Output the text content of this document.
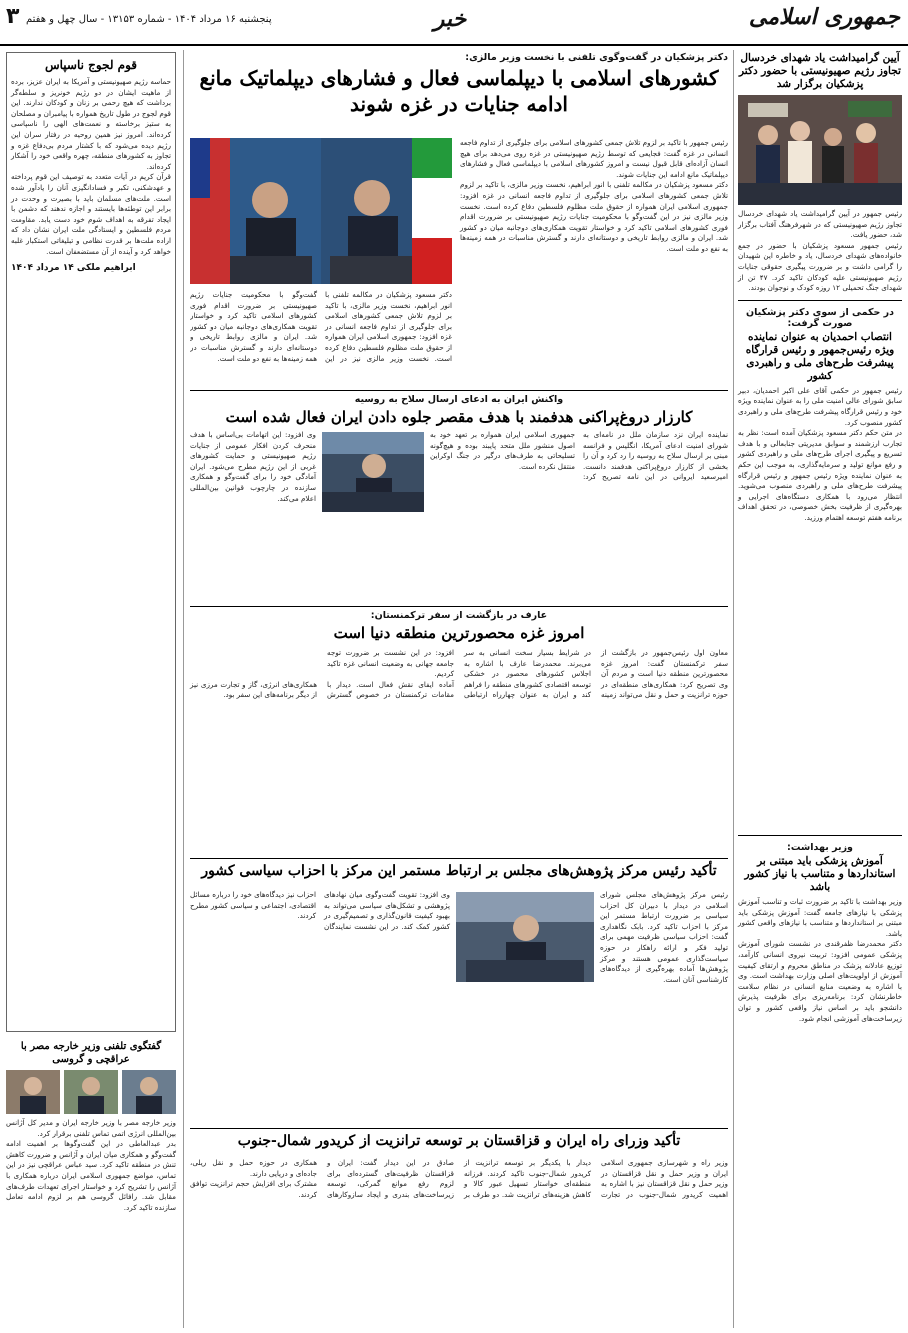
جمهوری اسلامی
خبر
پنجشنبه ۱۶ مرداد ۱۴۰۴ - شماره ۱۳۱۵۳ - سال چهل و هفتم
۳
آیین گرامیداشت یاد شهدای خردسال تجاوز رژیم صهیونیستی با حضور دکتر پزشکیان برگزار شد

رئیس جمهور در آیین گرامیداشت یاد شهدای خردسال تجاوز رژیم صهیونیستی که در شهرفرهنگ آفتاب برگزار شد، حضور یافت.

رئیس جمهور مسعود پزشکیان با حضور در جمع خانواده‌های شهدای خردسال، یاد و خاطره این شهیدان را گرامی داشت و بر ضرورت پیگیری حقوقی جنایات رژیم صهیونیستی علیه کودکان تاکید کرد. ۴۷ تن از شهدای جنگ تحمیلی ۱۲ روزه کودک و نوجوان بودند.

در حکمی از سوی دکتر پزشکیان صورت گرفت:
انتصاب احمدیان به عنوان نماینده ویژه رئیس‌جمهور و رئیس قرارگاه پیشرفت طرح‌های ملی و راهبردی کشور

رئیس جمهور در حکمی آقای علی اکبر احمدیان، دبیر سابق شورای عالی امنیت ملی را به عنوان نماینده ویژه خود و رئیس قرارگاه پیشرفت طرح‌های ملی و راهبردی کشور منصوب کرد.

در متن حکم دکتر مسعود پزشکیان آمده است: نظر به تجارب ارزشمند و سوابق مدیریتی جنابعالی و با هدف تسریع و پیگیری اجرای طرح‌های ملی و راهبردی کشور و رفع موانع تولید و سرمایه‌گذاری، به موجب این حکم به عنوان نماینده ویژه رئیس جمهور و رئیس قرارگاه پیشرفت طرح‌های ملی و راهبردی منصوب می‌شوید. انتظار می‌رود با همکاری دستگاه‌های اجرایی و بهره‌گیری از ظرفیت بخش خصوصی، در تحقق اهداف برنامه هفتم توسعه اهتمام ورزید.

وزیر بهداشت:
آموزش پزشکی باید مبتنی بر استانداردها و متناسب با نیاز کشور باشد

وزیر بهداشت با تاکید بر ضرورت ثبات و تناسب آموزش پزشکی با نیازهای جامعه گفت: آموزش پزشکی باید مبتنی بر استانداردها و متناسب با نیازهای واقعی کشور باشد.

دکتر محمدرضا ظفرقندی در نشست شورای آموزش پزشکی عمومی افزود: تربیت نیروی انسانی کارآمد، توزیع عادلانه پزشک در مناطق محروم و ارتقای کیفیت آموزش از اولویت‌های اصلی وزارت بهداشت است. وی با اشاره به وضعیت منابع انسانی در نظام سلامت خاطرنشان کرد: برنامه‌ریزی برای ظرفیت پذیرش دانشجو باید بر اساس نیاز واقعی کشور و توان زیرساخت‌های آموزشی انجام شود.

دکتر پزشکیان در گفت‌وگوی تلفنی با نخست وزیر مالزی:
کشورهای اسلامی با دیپلماسی فعال و فشارهای دیپلماتیک مانع ادامه جنایات در غزه شوند

رئیس جمهور با تاکید بر لزوم تلاش جمعی کشورهای اسلامی برای جلوگیری از تداوم فاجعه انسانی در غزه گفت: فجایعی که توسط رژیم صهیونیستی در غزه روی می‌دهد برای هیچ انسان آزاده‌ای قابل قبول نیست و امروز کشورهای اسلامی با دیپلماسی فعال و فشارهای دیپلماتیک مانع ادامه این جنایات شوند.

دکتر مسعود پزشکیان در مکالمه تلفنی با انور ابراهیم، نخست وزیر مالزی، با تاکید بر لزوم تلاش جمعی کشورهای اسلامی برای جلوگیری از تداوم فاجعه انسانی در غزه افزود: جمهوری اسلامی ایران همواره از حقوق ملت مظلوم فلسطین دفاع کرده است. نخست وزیر مالزی نیز در این گفت‌وگو با محکومیت جنایات رژیم صهیونیستی بر ضرورت اقدام فوری کشورهای اسلامی تاکید کرد و خواستار تقویت همکاری‌های دوجانبه میان دو کشور شد. ایران و مالزی روابط تاریخی و دوستانه‌ای دارند و گسترش مناسبات در همه زمینه‌ها به نفع دو ملت است.

دکتر مسعود پزشکیان در مکالمه تلفنی با انور ابراهیم، نخست وزیر مالزی، با تاکید بر لزوم تلاش جمعی کشورهای اسلامی برای جلوگیری از تداوم فاجعه انسانی در غزه افزود: جمهوری اسلامی ایران همواره از حقوق ملت مظلوم فلسطین دفاع کرده است. نخست وزیر مالزی نیز در این گفت‌وگو با محکومیت جنایات رژیم صهیونیستی بر ضرورت اقدام فوری کشورهای اسلامی تاکید کرد و خواستار تقویت همکاری‌های دوجانبه میان دو کشور شد. ایران و مالزی روابط تاریخی و دوستانه‌ای دارند و گسترش مناسبات در همه زمینه‌ها به نفع دو ملت است.

واکنش ایران به ادعای ارسال سلاح به روسیه
کارزار دروغ‌پراکنی هدفمند با هدف مقصر جلوه دادن ایران فعال شده است

نماینده ایران نزد سازمان ملل در نامه‌ای به شورای امنیت ادعای آمریکا، انگلیس و فرانسه مبنی بر ارسال سلاح به روسیه را رد کرد و آن را بخشی از کارزار دروغ‌پراکنی هدفمند دانست. امیرسعید ایروانی در این نامه تصریح کرد: جمهوری اسلامی ایران همواره بر تعهد خود به اصول منشور ملل متحد پایبند بوده و هیچ‌گونه تسلیحاتی به طرف‌های درگیر در جنگ اوکراین منتقل نکرده است.

وی افزود: این اتهامات بی‌اساس با هدف منحرف کردن افکار عمومی از جنایات رژیم صهیونیستی و حمایت کشورهای غربی از این رژیم مطرح می‌شود. ایران آمادگی خود را برای گفت‌وگو و همکاری سازنده در چارچوب قوانین بین‌المللی اعلام می‌کند.

عارف در بازگشت از سفر ترکمنستان:
امروز غزه محصورترین منطقه دنیا است

معاون اول رئیس‌جمهور در بازگشت از سفر ترکمنستان گفت: امروز غزه محصورترین منطقه دنیا است و مردم آن در شرایط بسیار سخت انسانی به سر می‌برند. محمدرضا عارف با اشاره به اجلاس کشورهای محصور در خشکی افزود: در این نشست بر ضرورت توجه جامعه جهانی به وضعیت انسانی غزه تاکید کردیم.

وی تصریح کرد: همکاری‌های منطقه‌ای در حوزه ترانزیت و حمل و نقل می‌تواند زمینه توسعه اقتصادی کشورهای منطقه را فراهم کند و ایران به عنوان چهارراه ارتباطی آماده ایفای نقش فعال است. دیدار با مقامات ترکمنستان در خصوص گسترش همکاری‌های انرژی، گاز و تجارت مرزی نیز از دیگر برنامه‌های این سفر بود.

تأکید رئیس مرکز پژوهش‌های مجلس بر ارتباط مستمر این مرکز با احزاب سیاسی کشور

رئیس مرکز پژوهش‌های مجلس شورای اسلامی در دیدار با دبیران کل احزاب سیاسی بر ضرورت ارتباط مستمر این مرکز با احزاب تاکید کرد. بابک نگاهداری گفت: احزاب سیاسی ظرفیت مهمی برای تولید فکر و ارائه راهکار در حوزه سیاست‌گذاری عمومی هستند و مرکز پژوهش‌ها آماده بهره‌گیری از دیدگاه‌های کارشناسی آنان است.

وی افزود: تقویت گفت‌وگوی میان نهادهای پژوهشی و تشکل‌های سیاسی می‌تواند به بهبود کیفیت قانون‌گذاری و تصمیم‌گیری در کشور کمک کند. در این نشست نمایندگان احزاب نیز دیدگاه‌های خود را درباره مسائل اقتصادی، اجتماعی و سیاسی کشور مطرح کردند.

تأکید وزرای راه ایران و قزاقستان بر توسعه ترانزیت از کریدور شمال-جنوب

وزیر راه و شهرسازی جمهوری اسلامی ایران و وزیر حمل و نقل قزاقستان در دیدار با یکدیگر بر توسعه ترانزیت از کریدور شمال-جنوب تاکید کردند. فرزانه صادق در این دیدار گفت: ایران و قزاقستان ظرفیت‌های گسترده‌ای برای همکاری در حوزه حمل و نقل ریلی، جاده‌ای و دریایی دارند.

وزیر حمل و نقل قزاقستان نیز با اشاره به اهمیت کریدور شمال-جنوب در تجارت منطقه‌ای خواستار تسهیل عبور کالا و کاهش هزینه‌های ترانزیت شد. دو طرف بر لزوم رفع موانع گمرکی، توسعه زیرساخت‌های بندری و ایجاد سازوکارهای مشترک برای افزایش حجم ترانزیت توافق کردند.

قوم لجوج ناسپاس

حماسه رژیم صهیونیستی و آمریکا به ایران عزیز، برده از ماهیت ایشان در دو رژیم خونریز و سلطه‌گر برداشت که هیچ رحمی بر زنان و کودکان ندارند. این قوم لجوج در طول تاریخ همواره با پیامبران و مصلحان به ستیز برخاسته و نعمت‌های الهی را ناسپاسی کرده‌اند. امروز نیز همین روحیه در رفتار سران این رژیم دیده می‌شود که با کشتار مردم بی‌دفاع غزه و تجاوز به کشورهای منطقه، چهره واقعی خود را آشکار کرده‌اند.

قرآن کریم در آیات متعدد به توصیف این قوم پرداخته و عهدشکنی، تکبر و فسادانگیزی آنان را یادآور شده است. ملت‌های مسلمان باید با بصیرت و وحدت در برابر این توطئه‌ها بایستند و اجازه ندهند که دشمن با ایجاد تفرقه به اهداف شوم خود دست یابد. مقاومت مردم فلسطین و ایستادگی ملت ایران نشان داد که اراده ملت‌ها بر قدرت نظامی و تبلیغاتی استکبار غلبه خواهد کرد و آینده از آن مستضعفان است.

ابراهیم ملکی ۱۴ مرداد ۱۴۰۴
گفتگوی تلفنی وزیر خارجه مصر با عراقچی و گروسی

وزیر خارجه مصر با وزیر خارجه ایران و مدیر کل آژانس بین‌المللی انرژی اتمی تماس تلفنی برقرار کرد.

بدر عبدالعاطی در این گفت‌وگوها بر اهمیت ادامه گفت‌وگو و همکاری میان ایران و آژانس و ضرورت کاهش تنش در منطقه تاکید کرد. سید عباس عراقچی نیز در این تماس، مواضع جمهوری اسلامی ایران درباره همکاری با آژانس را تشریح کرد و خواستار اجرای تعهدات طرف‌های مقابل شد. رافائل گروسی هم بر لزوم ادامه تعامل سازنده تاکید کرد.
